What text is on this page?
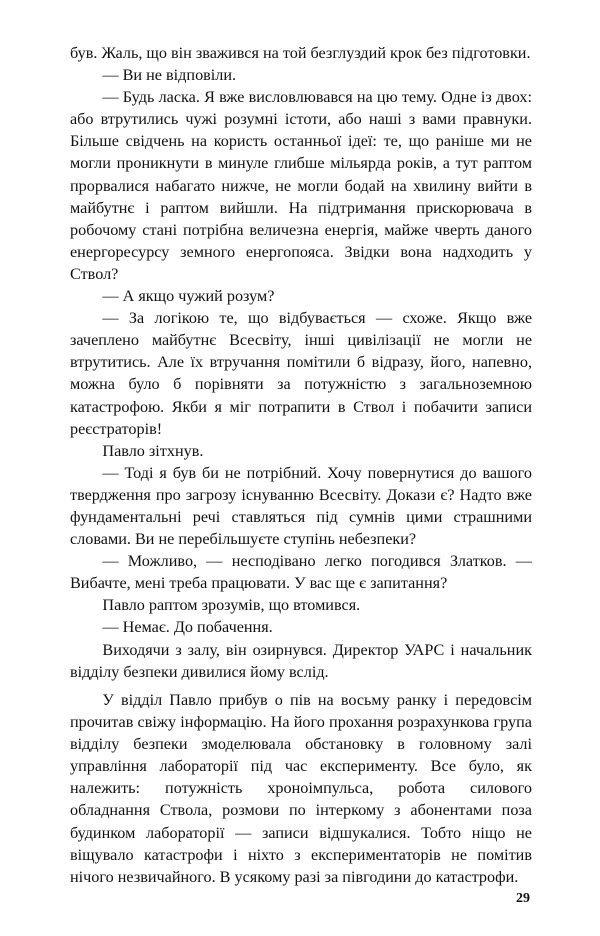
був. Жаль, що він зважився на той безглуздий крок без підготовки.

— Ви не відповіли.

— Будь ласка. Я вже висловлювався на цю тему. Одне із двох: або втрутились чужі розумні істоти, або наші з вами правнуки. Більше свідчень на користь останньої ідеї: те, що раніше ми не могли проникнути в минуле глибше мільярда років, а тут раптом прорвалися набагато нижче, не могли бодай на хвилину вийти в майбутнє і раптом вийшли. На підтримання прискорювача в робочому стані потрібна величезна енергія, майже чверть даного енергоресурсу земного енергопояса. Звідки вона надходить у Ствол?

— А якщо чужий розум?

— За логікою те, що відбувається — схоже. Якщо вже зачеплено майбутнє Всесвіту, інші цивілізації не могли не втрутитись. Але їх втручання помітили б відразу, його, напевно, можна було б порівняти за потужністю з загальноземною катастрофою. Якби я міг потрапити в Ствол і побачити записи реєстраторів!

Павло зітхнув.

— Тоді я був би не потрібний. Хочу повернутися до вашого твердження про загрозу існуванню Всесвіту. Докази є? Надто вже фундаментальні речі ставляться під сумнів цими страшними словами. Ви не перебільшуєте ступінь небезпеки?

— Можливо, — несподівано легко погодився Златков. — Вибачте, мені треба працювати. У вас ще є запитання?

Павло раптом зрозумів, що втомився.

— Немає. До побачення.

Виходячи з залу, він озирнувся. Директор УАРС і начальник відділу безпеки дивилися йому вслід.

У відділ Павло прибув о пів на восьму ранку і передовсім прочитав свіжу інформацію. На його прохання розрахункова група відділу безпеки змоделювала обстановку в головному залі управління лабораторії під час експерименту. Все було, як належить: потужність хроноімпульса, робота силового обладнання Ствола, розмови по інтеркому з абонентами поза будинком лабораторії — записи відшукалися. Тобто ніщо не віщувало катастрофи і ніхто з експериментаторів не помітив нічого незвичайного. В усякому разі за півгодини до катастрофи.

29
